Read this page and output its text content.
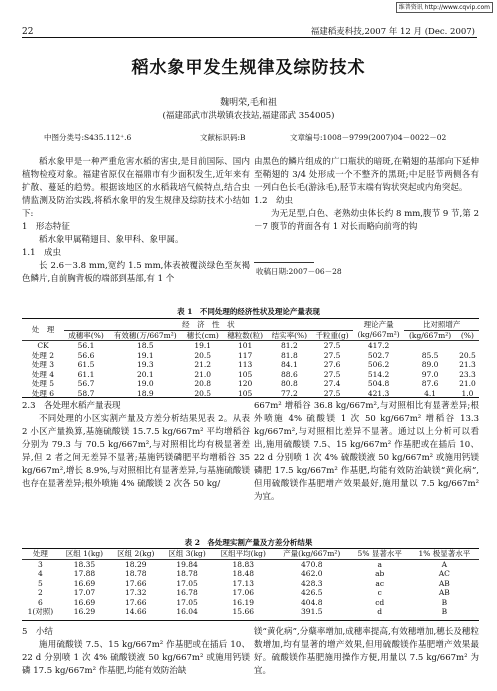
维普资讯 http://www.cqvip.com
22	福建稻麦科技,2007 年 12 月 (Dec. 2007)
稻水象甲发生规律及综防技术
魏明荣,毛和祖
(福建邵武市洪墩镇农技站,福建邵武 354005)
中图分类号:S435.112⁺.6	文献标识码:B	文章编号:1008－9799(2007)04－0022－02

稻水象甲是一种严重危害水稻的害虫,是目前国际、国内植物检疫对象。福建省原仅在福鼎市有少面积发生,近年来有扩散、蔓延的趋势。根据该地区的水稻栽培气候特点,结合虫情监测及防治实践,将稻水象甲的发生规律及综防技术小结如下:

1　形态特征

稻水象甲属鞘翅目、象甲科、象甲属。

1.1　成虫

长 2.6－3.8 mm,宽约 1.5 mm,体表被覆淡绿色至灰褐色鳞片,自前胸背板的端部到基部,有 1 个

由黑色的鳞片组成的广口瓶状的暗斑,在鞘翅的基部向下延伸至鞘翅的 3/4 处形成一个不整齐的黑斑;中足胫节两侧各有一列白色长毛(游泳毛),胫节末端有钩状突起或内角突起。

1.2　幼虫

为无足型,白色、老熟幼虫体长约 8 mm,腹节 9 节,第 2－7 腹节的背面各有 1 对长而略向前弯的钩

收稿日期:2007－06－28
表 1　不同处理的经济性状及理论产量表现
处　理	经　济　性　状						理论产量	比对照增产	
	成穗率(%)	有效穗(万/667m²)	穗长(cm)	穗粒数(粒)	结实率(%)	千粒重(g)	(kg/667m²)	(kg/667m²)	(%)
CK	56.1	18.5	19.1	101	81.2	27.5	417.2		
处理 2	56.6	19.1	20.5	117	81.8	27.5	502.7	85.5	20.5
处理 3	61.5	19.3	21.2	113	84.1	27.6	506.2	89.0	21.3
处理 4	61.1	20.1	21.0	105	88.6	27.5	514.2	97.0	23.3
处理 5	56.7	19.0	20.8	120	80.8	27.4	504.8	87.6	21.0
处理 6	58.7	18.9	20.5	105	77.2	27.5	421.3	4.1	1.0

2.3　各处理水稻产量表现

不同处理的小区实割产量及方差分析结果见表 2。从表 2 小区产量换算,基施硫酸镁 15.7.5 kg/667m² 平均增稻谷分别为 79.3 与 70.5 kg/667m²,与对照相比均有极显著差异,但 2 者之间无差异不显著;基施钙镁磷肥平均增稻谷 35 kg/667m²,增长 8.9%,与对照相比有显著差异,与基施硫酸镁也存在显著差异;根外喷施 4% 硫酸镁 2 次各 50 kg/

667m² 增稻谷 36.8 kg/667m²,与对照相比有显著差异;根外喷施 4% 硫酸镁 1 次 50 kg/667m² 增稻谷 13.3 kg/667m²,与对照相比差异不显著。通过以上分析可以看出,施用硫酸镁 7.5、15 kg/667m² 作基肥或在插后 10、22 d 分别喷 1 次 4% 硫酸镁液 50 kg/667m² 或施用钙镁磷肥 17.5 kg/667m² 作基肥,均能有效防治缺镁“黄化病”,但用硫酸镁作基肥增产效果最好,施用量以 7.5 kg/667m² 为宜。

表 2　各处理实割产量及方差分析结果
处理	区组 1(kg)	区组 2(kg)	区组 3(kg)	区组平均(kg)	产量(kg/667m²)	5% 显著水平	1% 极显著水平
3	18.35	18.29	19.84	18.83	470.8	a	A
4	17.88	18.78	18.78	18.48	462.0	ab	AC
5	16.69	17.66	17.05	17.13	428.3	ac	AB
2	17.07	17.32	16.78	17.06	426.5	c	AB
6	16.69	17.66	17.05	16.19	404.8	cd	B
1(对照)	16.29	14.66	16.04	15.66	391.5	d	B

5　小结

施用硫酸镁 7.5、15 kg/667m² 作基肥或在插后 10、22 d 分别喷 1 次 4% 硫酸镁液 50 kg/667m² 或施用钙镁磷 17.5 kg/667m² 作基肥,均能有效防治缺

镁“黄化病”,分蘖率增加,成穗率提高,有效穗增加,穗长及穗粒数增加,均有显著的增产效果,但用硫酸镁作基肥增产效果最好。硫酸镁作基肥施用操作方便,用量以 7.5 kg/667m² 为宜。
